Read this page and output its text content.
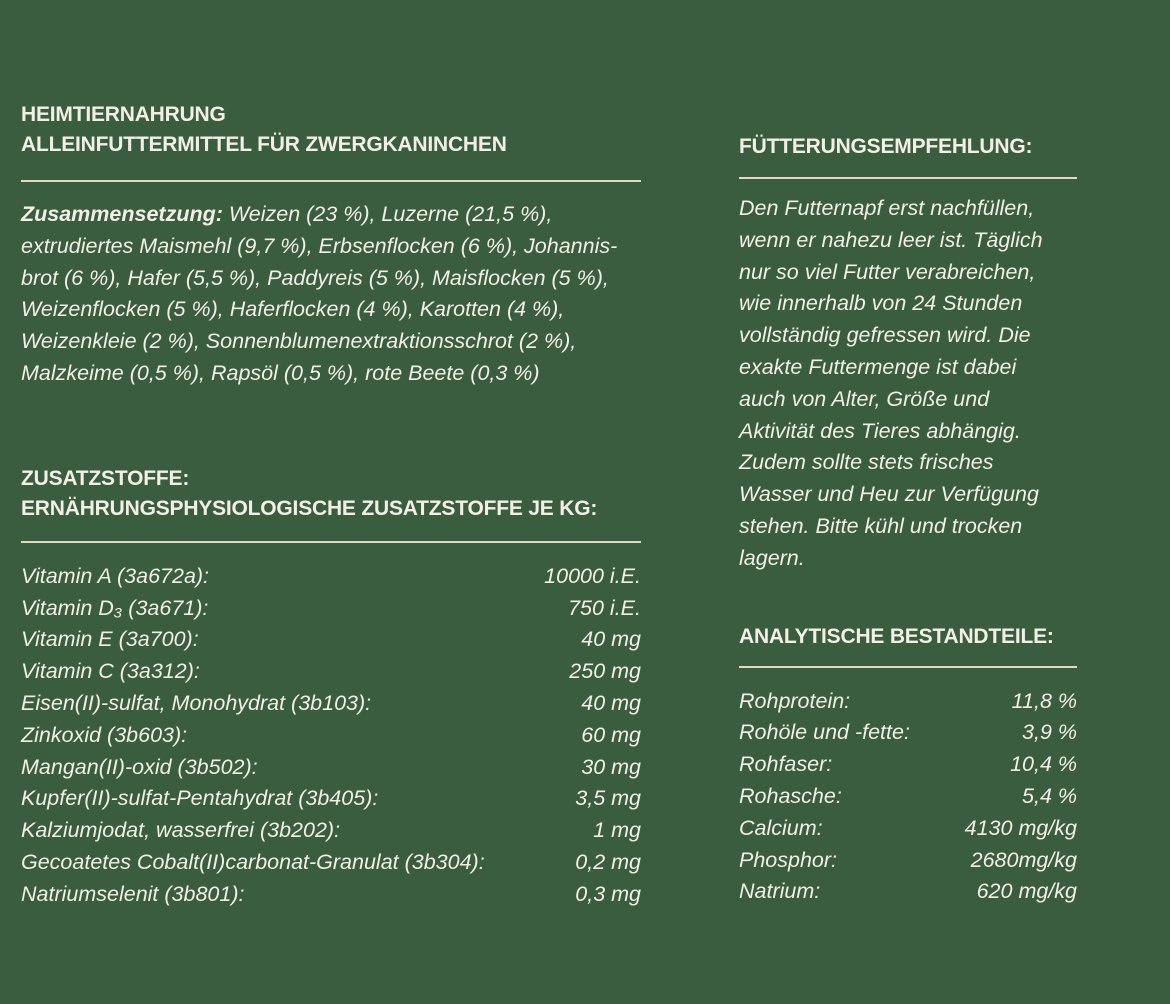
HEIMTIERNAHRUNG

ALLEINFUTTERMITTEL FÜR ZWERGKANINCHEN

Zusammensetzung: Weizen (23 %), Luzerne (21,5 %),
extrudiertes Maismehl (9,7 %), Erbsenflocken (6 %), Johannis-
brot (6 %), Hafer (5,5 %), Paddyreis (5 %), Maisflocken (5 %),
Weizenflocken (5 %), Haferflocken (4 %), Karotten (4 %),
Weizenkleie (2 %), Sonnenblumenextraktionsschrot (2 %),
Malzkeime (0,5 %), Rapsöl (0,5 %), rote Beete (0,3 %)

ZUSATZSTOFFE:

ERNÄHRUNGSPHYSIOLOGISCHE ZUSATZSTOFFE JE KG:

Vitamin A (3a672a):	10000 i.E.
Vitamin D₃ (3a671):	750 i.E.
Vitamin E (3a700):	40 mg
Vitamin C (3a312):	250 mg
Eisen(II)-sulfat, Monohydrat (3b103):	40 mg
Zinkoxid (3b603):	60 mg
Mangan(II)-oxid (3b502):	30 mg
Kupfer(II)-sulfat-Pentahydrat (3b405):	3,5 mg
Kalziumjodat, wasserfrei (3b202):	1 mg
Gecoatetes Cobalt(II)carbonat-Granulat (3b304):	0,2 mg
Natriumselenit (3b801):	0,3 mg

FÜTTERUNGSEMPFEHLUNG:

Den Futternapf erst nachfüllen,
wenn er nahezu leer ist. Täglich
nur so viel Futter verabreichen,
wie innerhalb von 24 Stunden
vollständig gefressen wird. Die
exakte Futtermenge ist dabei
auch von Alter, Größe und
Aktivität des Tieres abhängig.
Zudem sollte stets frisches
Wasser und Heu zur Verfügung
stehen. Bitte kühl und trocken
lagern.

ANALYTISCHE BESTANDTEILE:

Rohprotein:	11,8 %
Rohöle und -fette:	3,9 %
Rohfaser:	10,4 %
Rohasche:	5,4 %
Calcium:	4130 mg/kg
Phosphor:	2680mg/kg
Natrium:	620 mg/kg
